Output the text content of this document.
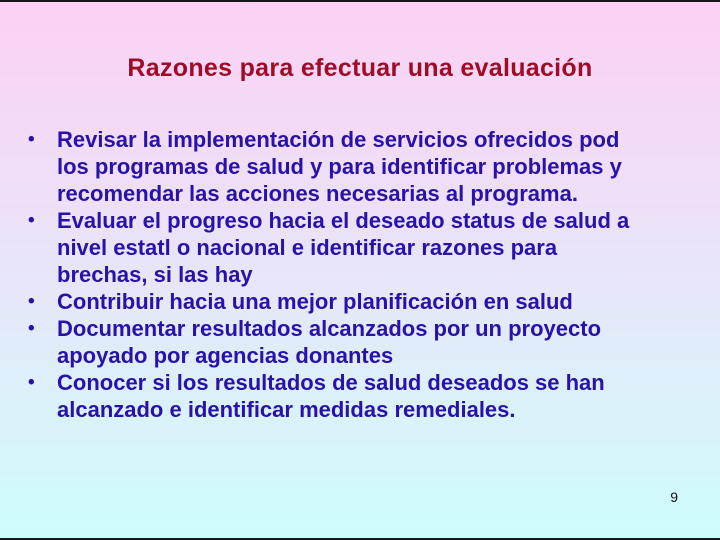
Razones para efectuar una evaluación
•	Revisar la implementación de servicios ofrecidos pod
los programas de salud y para identificar problemas y
recomendar las acciones necesarias al programa.
•	Evaluar el progreso hacia el deseado status de salud a
nivel estatl o nacional e identificar razones para
brechas, si las hay
•	Contribuir hacia una mejor planificación en salud
•	Documentar resultados alcanzados por un proyecto
apoyado por agencias donantes
•	Conocer si los resultados de salud deseados se han
alcanzado e identificar medidas remediales.
9
